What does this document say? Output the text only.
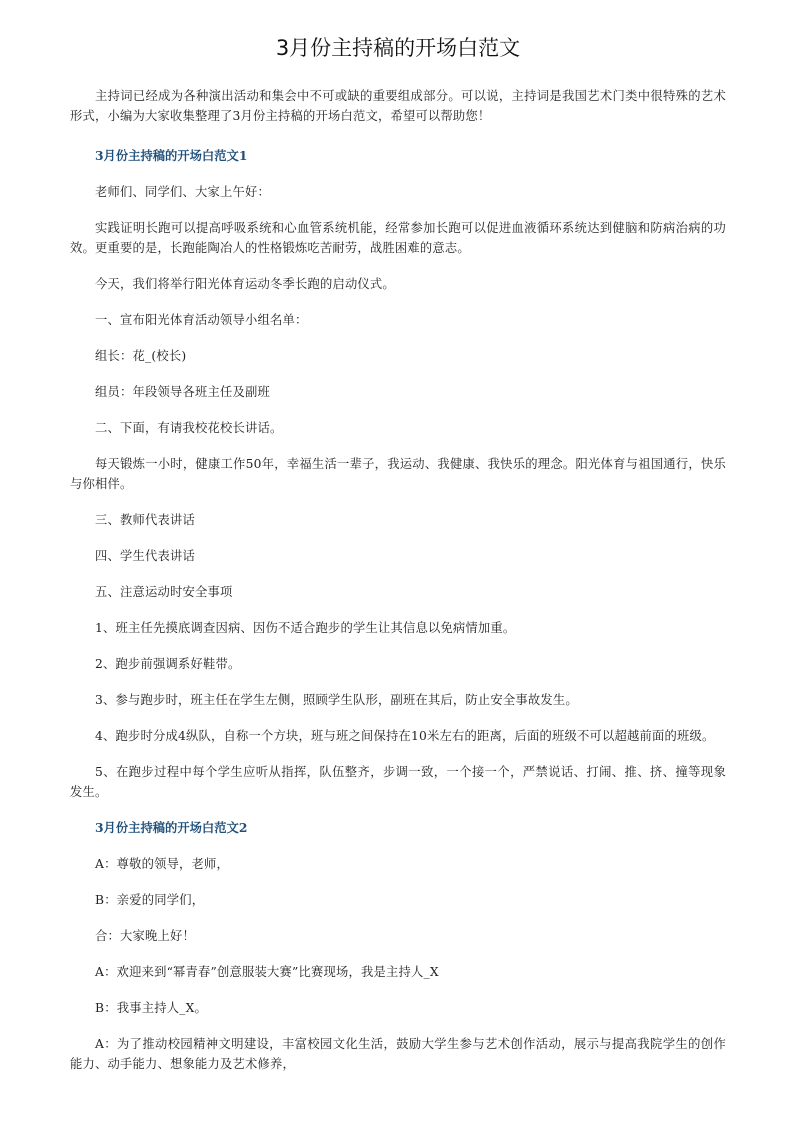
3月份主持稿的开场白范文

主持词已经成为各种演出活动和集会中不可或缺的重要组成部分。可以说，主持词是我国艺术门类中很特殊的艺术形式，小编为大家收集整理了3月份主持稿的开场白范文，希望可以帮助您！

3月份主持稿的开场白范文1

老师们、同学们、大家上午好：

实践证明长跑可以提高呼吸系统和心血管系统机能，经常参加长跑可以促进血液循环系统达到健脑和防病治病的功效。更重要的是，长跑能陶冶人的性格锻炼吃苦耐劳，战胜困难的意志。

今天，我们将举行阳光体育运动冬季长跑的启动仪式。

一、宣布阳光体育活动领导小组名单：

组长：花_(校长)

组员：年段领导各班主任及副班

二、下面，有请我校花校长讲话。

每天锻炼一小时，健康工作50年，幸福生活一辈子，我运动、我健康、我快乐的理念。阳光体育与祖国通行，快乐与你相伴。

三、教师代表讲话

四、学生代表讲话

五、注意运动时安全事项

1、班主任先摸底调查因病、因伤不适合跑步的学生让其信息以免病情加重。

2、跑步前强调系好鞋带。

3、参与跑步时，班主任在学生左侧，照顾学生队形，副班在其后，防止安全事故发生。

4、跑步时分成4纵队，自称一个方块，班与班之间保持在10米左右的距离，后面的班级不可以超越前面的班级。

5、在跑步过程中每个学生应听从指挥，队伍整齐，步调一致，一个接一个，严禁说话、打闹、推、挤、撞等现象发生。

3月份主持稿的开场白范文2

A：尊敬的领导，老师，

B：亲爱的同学们，

合：大家晚上好！

A：欢迎来到“幂青春”创意服装大赛”比赛现场，我是主持人_X

B：我事主持人_X。

A：为了推动校园精神文明建设，丰富校园文化生活，鼓励大学生参与艺术创作活动，展示与提高我院学生的创作能力、动手能力、想象能力及艺术修养，
